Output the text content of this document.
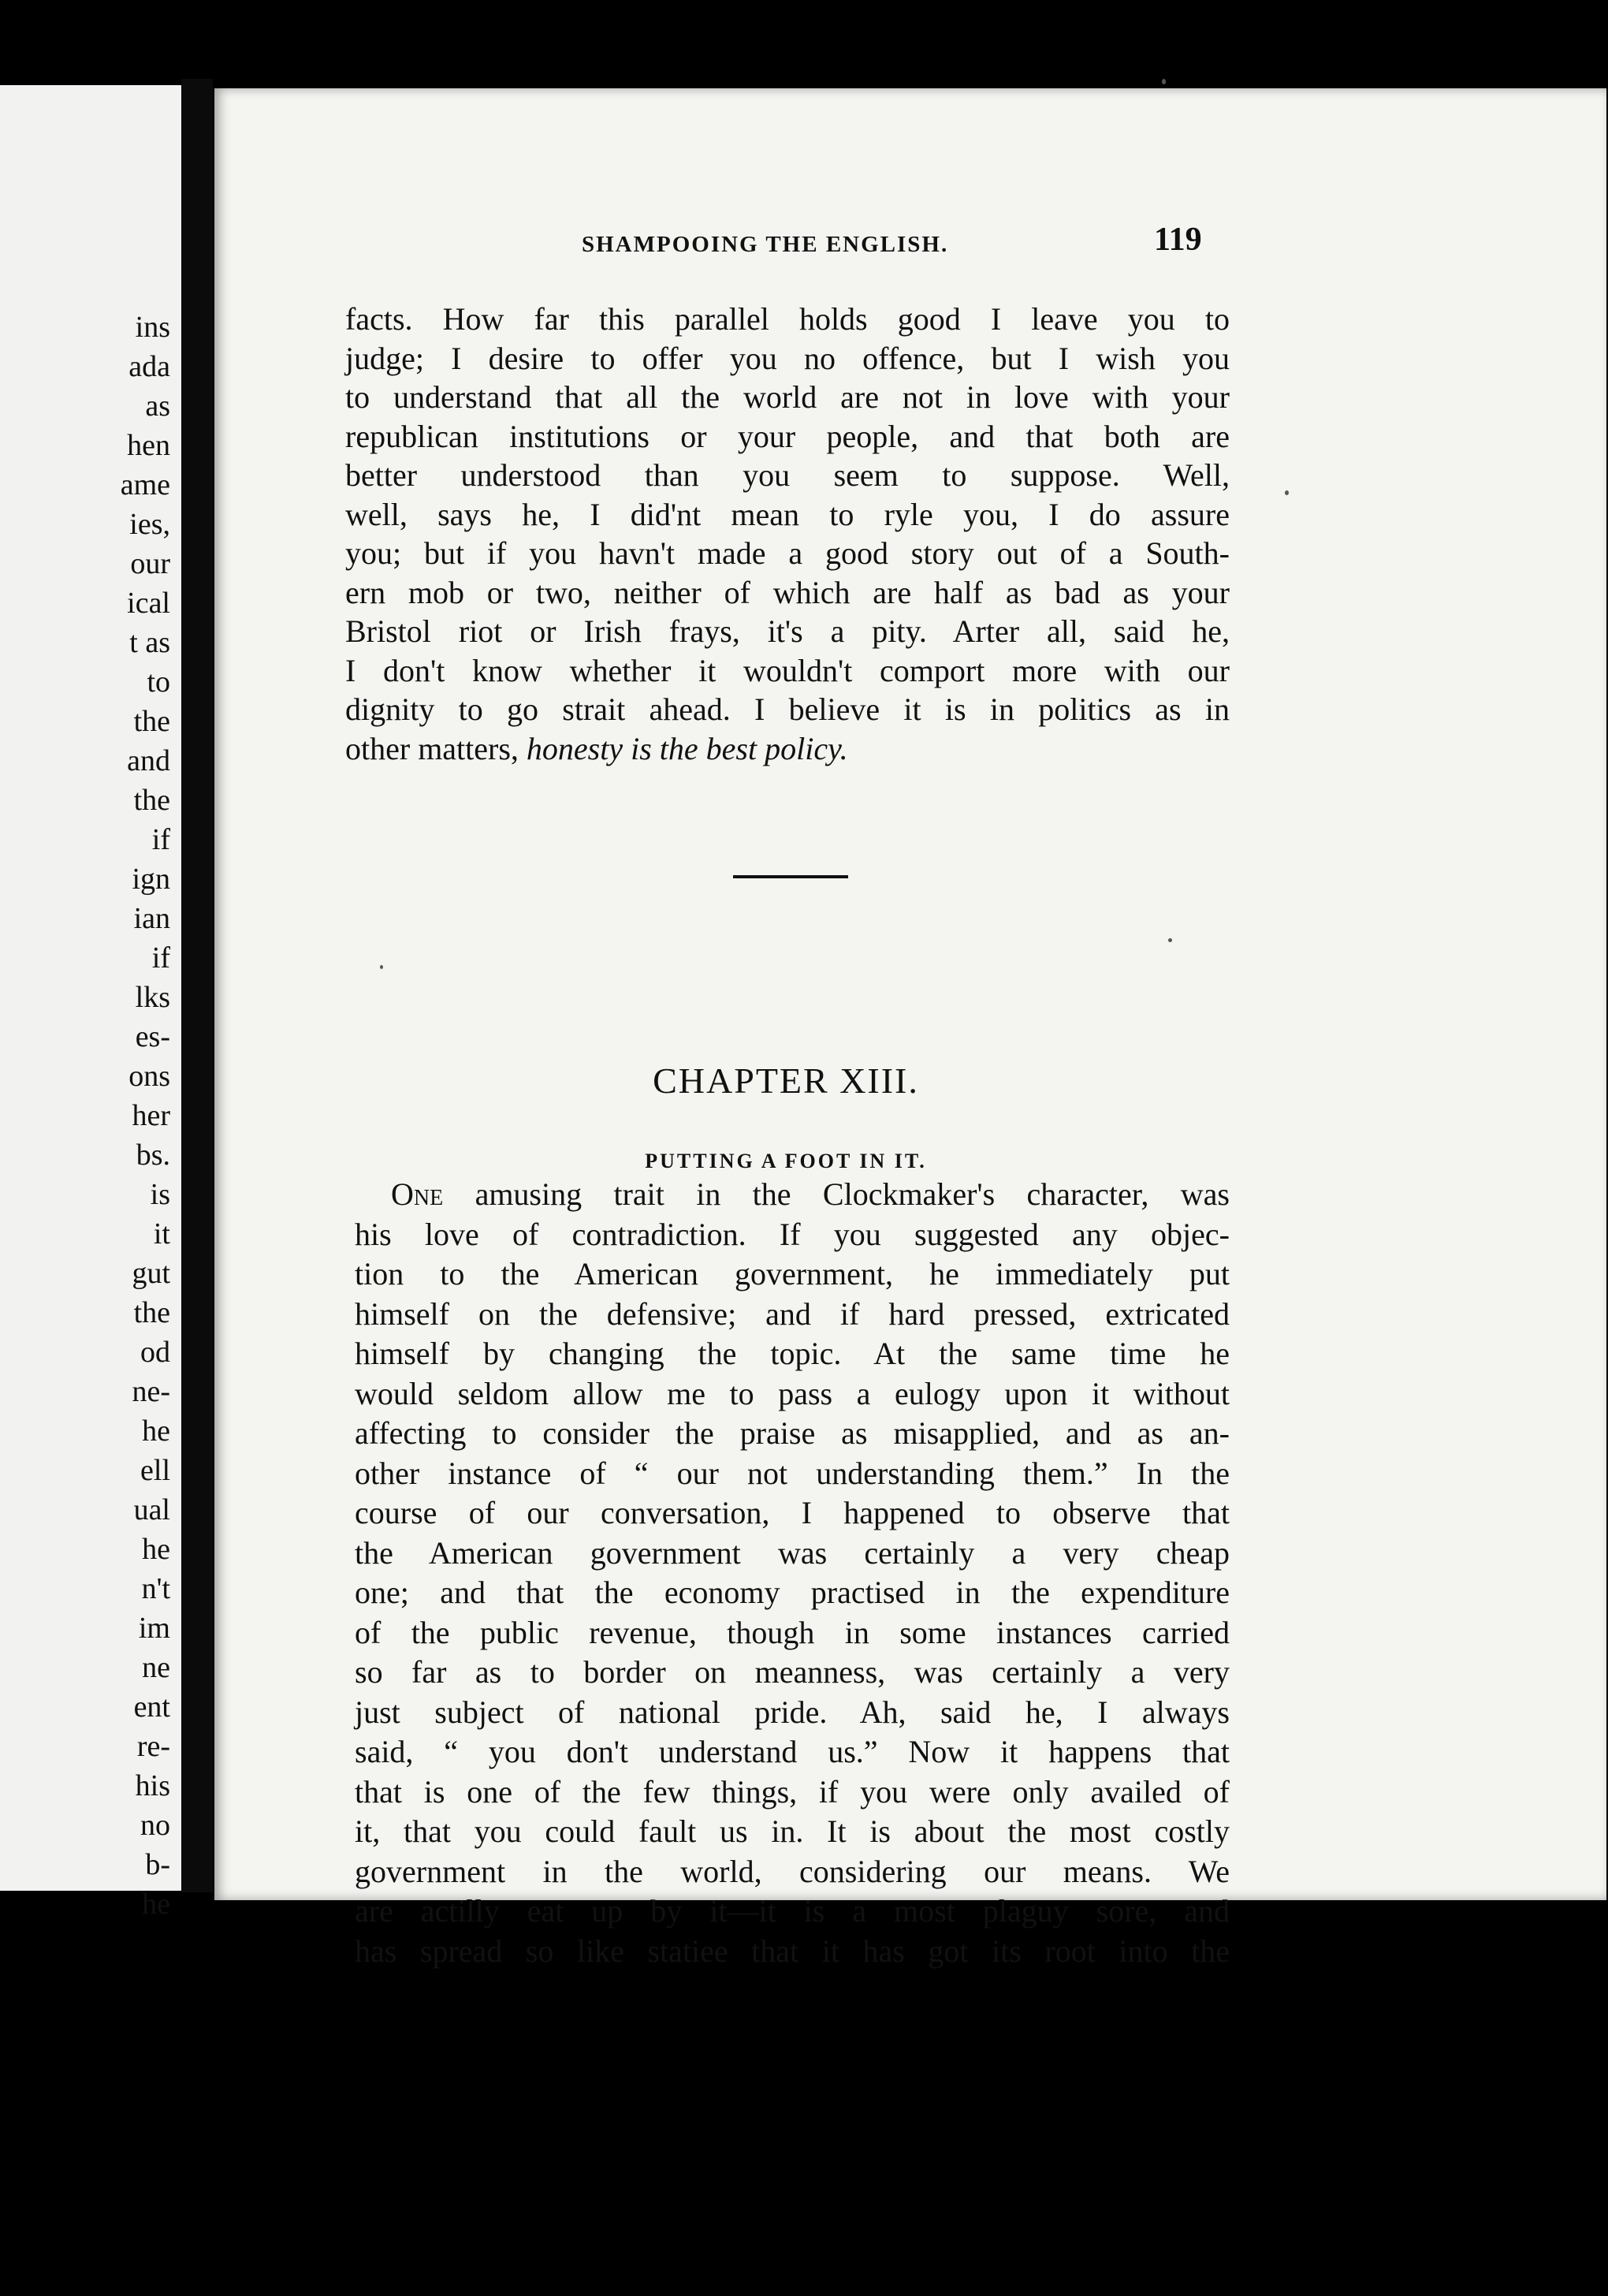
ins
ada
as
hen
ame
ies,
our
ical
t as
to
the
and
the
if
ign
ian
if
lks
es-
ons
her
bs.
is
it
gut
the
od
ne-
he
ell
ual
he
n't
im
ne
ent
re-
his
no
b-
he
SHAMPOOING THE ENGLISH.	119
facts. How far this parallel holds good I leave you to
judge; I desire to offer you no offence, but I wish you
to understand that all the world are not in love with your
republican institutions or your people, and that both are
better understood than you seem to suppose. Well,
well, says he, I did'nt mean to ryle you, I do assure
you; but if you havn't made a good story out of a South-
ern mob or two, neither of which are half as bad as your
Bristol riot or Irish frays, it's a pity. Arter all, said he,
I don't know whether it wouldn't comport more with our
dignity to go strait ahead. I believe it is in politics as in
other matters, honesty is the best policy.
CHAPTER XIII.
PUTTING A FOOT IN IT.
One amusing trait in the Clockmaker's character, was
his love of contradiction. If you suggested any objec-
tion to the American government, he immediately put
himself on the defensive; and if hard pressed, extricated
himself by changing the topic. At the same time he
would seldom allow me to pass a eulogy upon it without
affecting to consider the praise as misapplied, and as an-
other instance of “ our not understanding them.” In the
course of our conversation, I happened to observe that
the American government was certainly a very cheap
one; and that the economy practised in the expenditure
of the public revenue, though in some instances carried
so far as to border on meanness, was certainly a very
just subject of national pride. Ah, said he, I always
said, “ you don't understand us.” Now it happens that
that is one of the few things, if you were only availed of
it, that you could fault us in. It is about the most costly
government in the world, considering our means. We
are actilly eat up by it—it is a most plaguy sore, and
has spread so like statiee that it has got its root into the
